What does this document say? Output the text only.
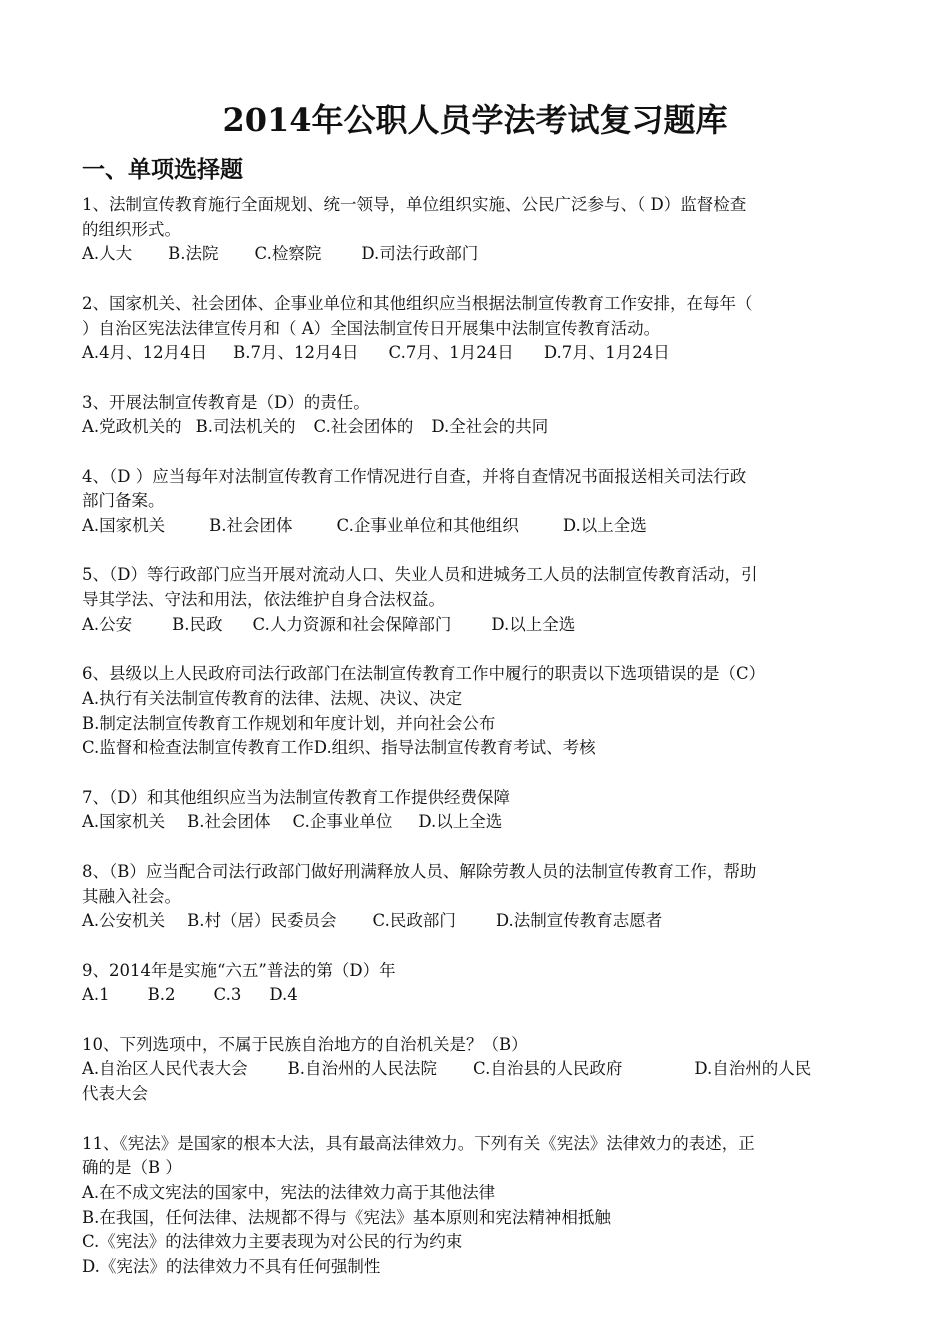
2014年公职人员学法考试复习题库
一、单项选择题
1、法制宣传教育施行全面规划、统一领导，单位组织实施、公民广泛参与、（ D）监督检查
的组织形式。
A.人大 B.法院 C.检察院 D.司法行政部门
2、国家机关、社会团体、企事业单位和其他组织应当根据法制宣传教育工作安排，在每年（
）自治区宪法法律宣传月和（ A）全国法制宣传日开展集中法制宣传教育活动。
A.4月、12月4日 B.7月、12月4日 C.7月、1月24日 D.7月、1月24日
3、开展法制宣传教育是（D）的责任。
A.党政机关的 B.司法机关的 C.社会团体的 D.全社会的共同
4、（D ）应当每年对法制宣传教育工作情况进行自查，并将自查情况书面报送相关司法行政
部门备案。
A.国家机关	B.社会团体	C.企事业单位和其他组织	D.以上全选
5、（D）等行政部门应当开展对流动人口、失业人员和进城务工人员的法制宣传教育活动，引
导其学法、守法和用法，依法维护自身合法权益。
A.公安 B.民政 C.人力资源和社会保障部门 D.以上全选
6、县级以上人民政府司法行政部门在法制宣传教育工作中履行的职责以下选项错误的是（C）
A.执行有关法制宣传教育的法律、法规、决议、决定
B.制定法制宣传教育工作规划和年度计划，并向社会公布
C.监督和检查法制宣传教育工作 D.组织、指导法制宣传教育考试、考核
7、（D）和其他组织应当为法制宣传教育工作提供经费保障
A.国家机关 B.社会团体 C.企事业单位 D.以上全选
8、（B）应当配合司法行政部门做好刑满释放人员、解除劳教人员的法制宣传教育工作，帮助
其融入社会。
A.公安机关 B.村（居）民委员会 C.民政部门 D.法制宣传教育志愿者
9、2014年是实施“六五”普法的第（D）年
A.1 B.2 C.3 D.4
10、下列选项中，不属于民族自治地方的自治机关是？（B）
A.自治区人民代表大会 B.自治州的人民法院 C.自治县的人民政府	D.自治州的人民
代表大会
11、《宪法》是国家的根本大法，具有最高法律效力。下列有关《宪法》法律效力的表述，正
确的是（B ）
A.在不成文宪法的国家中，宪法的法律效力高于其他法律
B.在我国，任何法律、法规都不得与《宪法》基本原则和宪法精神相抵触
C.《宪法》的法律效力主要表现为对公民的行为约束
D.《宪法》的法律效力不具有任何强制性
